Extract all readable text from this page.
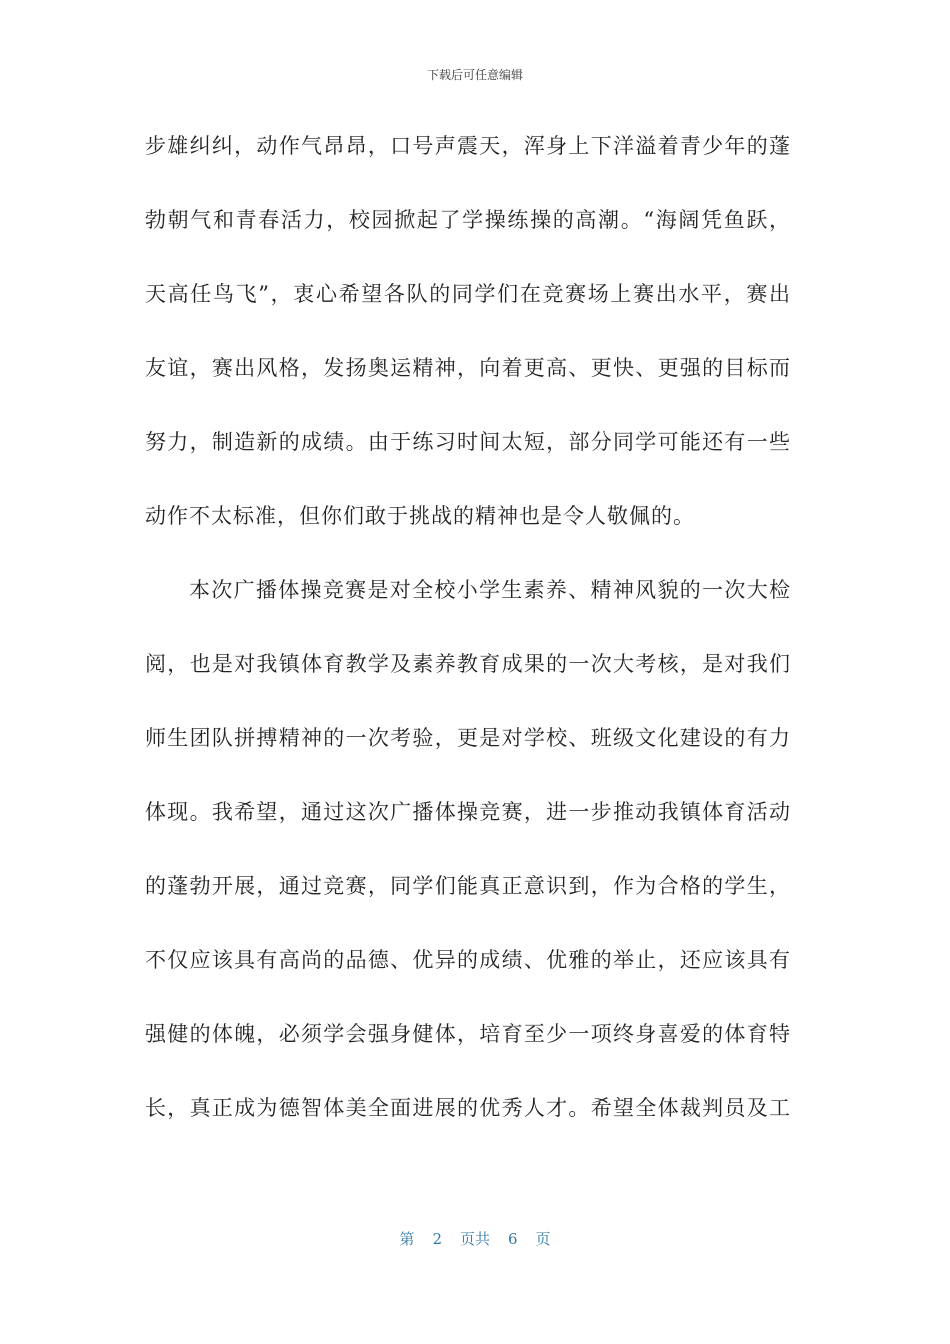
下载后可任意编辑
步雄纠纠，动作气昂昂，口号声震天，浑身上下洋溢着青少年的蓬
勃朝气和青春活力，校园掀起了学操练操的高潮。“海阔凭鱼跃，
天高任鸟飞”，衷心希望各队的同学们在竞赛场上赛出水平，赛出
友谊，赛出风格，发扬奥运精神，向着更高、更快、更强的目标而
努力，制造新的成绩。由于练习时间太短，部分同学可能还有一些
动作不太标准，但你们敢于挑战的精神也是令人敬佩的。
本次广播体操竞赛是对全校小学生素养、精神风貌的一次大检
阅，也是对我镇体育教学及素养教育成果的一次大考核，是对我们
师生团队拼搏精神的一次考验，更是对学校、班级文化建设的有力
体现。我希望，通过这次广播体操竞赛，进一步推动我镇体育活动
的蓬勃开展，通过竞赛，同学们能真正意识到，作为合格的学生，
不仅应该具有高尚的品德、优异的成绩、优雅的举止，还应该具有
强健的体魄，必须学会强身健体，培育至少一项终身喜爱的体育特
长，真正成为德智体美全面进展的优秀人才。希望全体裁判员及工
第 2 页共 6 页
